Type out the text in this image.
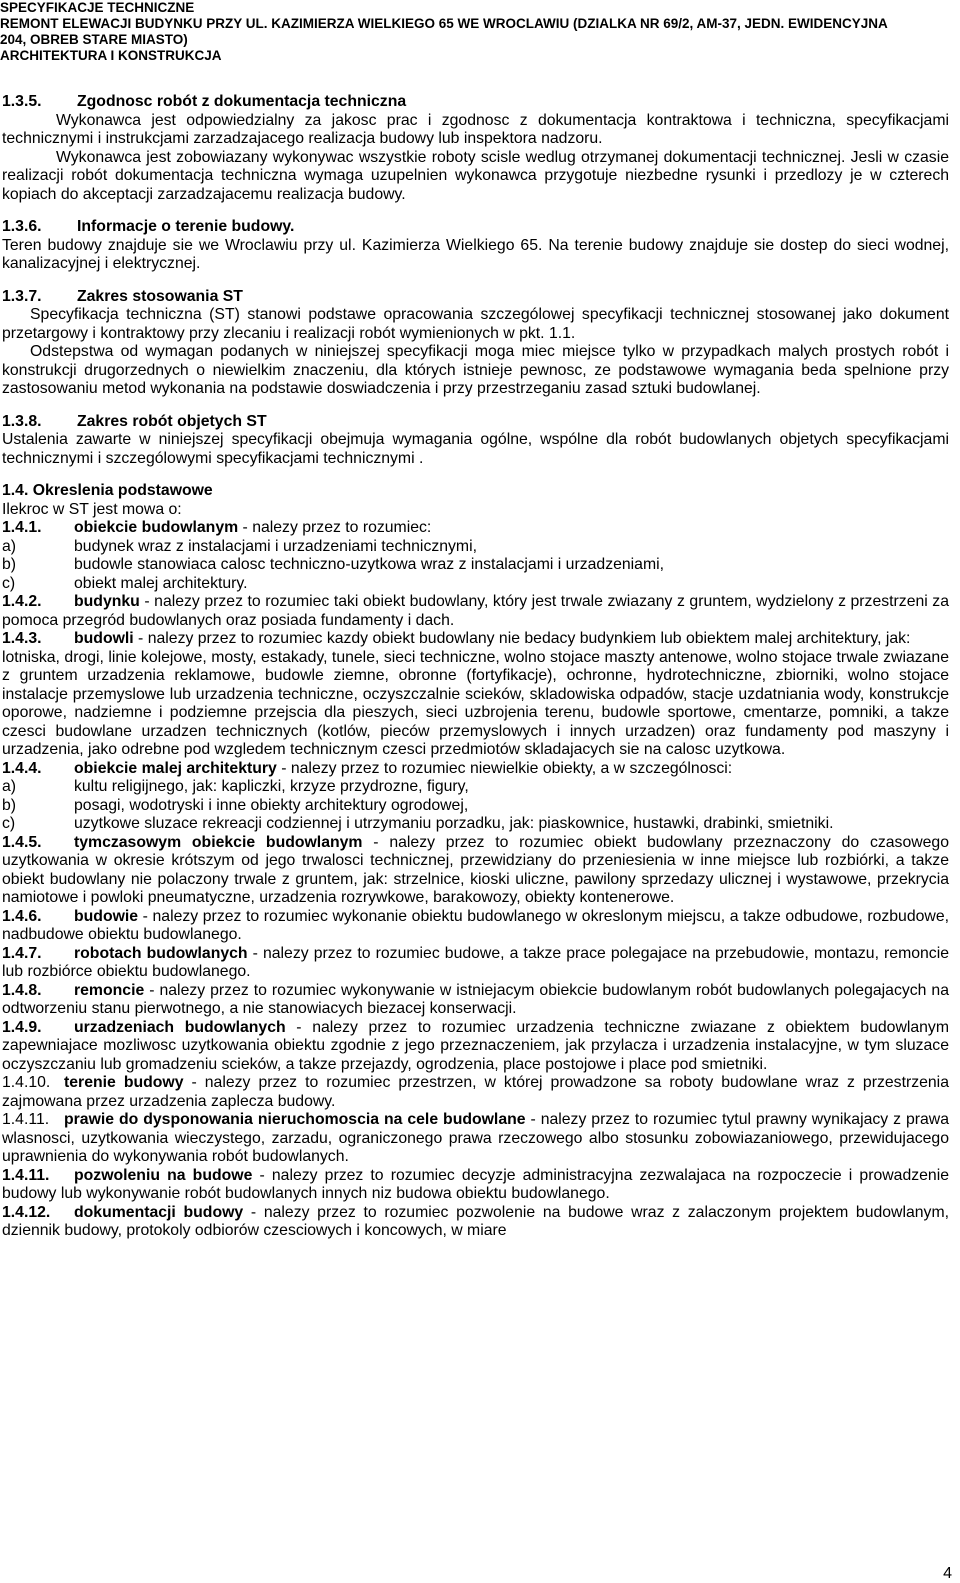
SPECYFIKACJE TECHNICZNE
REMONT ELEWACJI BUDYNKU PRZY UL. KAZIMIERZA WIELKIEGO 65 WE WROCLAWIU (DZIALKA NR 69/2, AM-37, JEDN. EWIDENCYJNA
204, OBREB STARE MIASTO)
ARCHITEKTURA I KONSTRUKCJA

1.3.5. Zgodnosc robót z dokumentacja techniczna

Wykonawca jest odpowiedzialny za jakosc prac i zgodnosc z dokumentacja kontraktowa i techniczna, specyfikacjami technicznymi i instrukcjami zarzadzajacego realizacja budowy lub inspektora nadzoru.

Wykonawca jest zobowiazany wykonywac wszystkie roboty scisle wedlug otrzymanej dokumentacji technicznej. Jesli w czasie realizacji robót dokumentacja techniczna wymaga uzupelnien wykonawca przygotuje niezbedne rysunki i przedlozy je w czterech kopiach do akceptacji zarzadzajacemu realizacja budowy.

1.3.6. Informacje o terenie budowy.

Teren budowy znajduje sie we Wroclawiu przy ul. Kazimierza Wielkiego 65. Na terenie budowy znajduje sie dostep do sieci wodnej, kanalizacyjnej i elektrycznej.

1.3.7. Zakres stosowania ST

Specyfikacja techniczna (ST) stanowi podstawe opracowania szczególowej specyfikacji technicznej stosowanej jako dokument przetargowy i kontraktowy przy zlecaniu i realizacji robót wymienionych w pkt. 1.1.

Odstepstwa od wymagan podanych w niniejszej specyfikacji moga miec miejsce tylko w przypadkach malych prostych robót i konstrukcji drugorzednych o niewielkim znaczeniu, dla których istnieje pewnosc, ze podstawowe wymagania beda spelnione przy zastosowaniu metod wykonania na podstawie doswiadczenia i przy przestrzeganiu zasad sztuki budowlanej.

1.3.8. Zakres robót objetych ST

Ustalenia zawarte w niniejszej specyfikacji obejmuja wymagania ogólne, wspólne dla robót budowlanych objetych specyfikacjami technicznymi i szczególowymi specyfikacjami technicznymi .

1.4. Okreslenia podstawowe

Ilekroc w ST jest mowa o:

1.4.1. obiekcie budowlanym - nalezy przez to rozumiec:

a)	budynek wraz z instalacjami i urzadzeniami technicznymi,
b)	budowle stanowiaca calosc techniczno-uzytkowa wraz z instalacjami i urzadzeniami,
c)	obiekt malej architektury.

1.4.2. budynku - nalezy przez to rozumiec taki obiekt budowlany, który jest trwale zwiazany z gruntem, wydzielony z przestrzeni za pomoca przegród budowlanych oraz posiada fundamenty i dach.

1.4.3. budowli - nalezy przez to rozumiec kazdy obiekt budowlany nie bedacy budynkiem lub obiektem malej architektury, jak:

lotniska, drogi, linie kolejowe, mosty, estakady, tunele, sieci techniczne, wolno stojace maszty antenowe, wolno stojace trwale zwiazane z gruntem urzadzenia reklamowe, budowle ziemne, obronne (fortyfikacje), ochronne, hydrotechniczne, zbiorniki, wolno stojace instalacje przemyslowe lub urzadzenia techniczne, oczyszczalnie scieków, skladowiska odpadów, stacje uzdatniania wody, konstrukcje oporowe, nadziemne i podziemne przejscia dla pieszych, sieci uzbrojenia terenu, budowle sportowe, cmentarze, pomniki, a takze czesci budowlane urzadzen technicznych (kotlów, pieców przemyslowych i innych urzadzen) oraz fundamenty pod maszyny i urzadzenia, jako odrebne pod wzgledem technicznym czesci przedmiotów skladajacych sie na calosc uzytkowa.

1.4.4. obiekcie malej architektury - nalezy przez to rozumiec niewielkie obiekty, a w szczególnosci:

a)	kultu religijnego, jak: kapliczki, krzyze przydrozne, figury,
b)	posagi, wodotryski i inne obiekty architektury ogrodowej,
c)	uzytkowe sluzace rekreacji codziennej i utrzymaniu porzadku, jak: piaskownice, hustawki, drabinki, smietniki.

1.4.5. tymczasowym obiekcie budowlanym - nalezy przez to rozumiec obiekt budowlany przeznaczony do czasowego uzytkowania w okresie krótszym od jego trwalosci technicznej, przewidziany do przeniesienia w inne miejsce lub rozbiórki, a takze obiekt budowlany nie polaczony trwale z gruntem, jak: strzelnice, kioski uliczne, pawilony sprzedazy ulicznej i wystawowe, przekrycia namiotowe i powloki pneumatyczne, urzadzenia rozrywkowe, barakowozy, obiekty kontenerowe.

1.4.6. budowie - nalezy przez to rozumiec wykonanie obiektu budowlanego w okreslonym miejscu, a takze odbudowe, rozbudowe, nadbudowe obiektu budowlanego.

1.4.7. robotach budowlanych - nalezy przez to rozumiec budowe, a takze prace polegajace na przebudowie, montazu, remoncie lub rozbiórce obiektu budowlanego.

1.4.8. remoncie - nalezy przez to rozumiec wykonywanie w istniejacym obiekcie budowlanym robót budowlanych polegajacych na odtworzeniu stanu pierwotnego, a nie stanowiacych biezacej konserwacji.

1.4.9. urzadzeniach budowlanych - nalezy przez to rozumiec urzadzenia techniczne zwiazane z obiektem budowlanym zapewniajace mozliwosc uzytkowania obiektu zgodnie z jego przeznaczeniem, jak przylacza i urzadzenia instalacyjne, w tym sluzace oczyszczaniu lub gromadzeniu scieków, a takze przejazdy, ogrodzenia, place postojowe i place pod smietniki.

1.4.10. terenie budowy - nalezy przez to rozumiec przestrzen, w której prowadzone sa roboty budowlane wraz z przestrzenia zajmowana przez urzadzenia zaplecza budowy.

1.4.11. prawie do dysponowania nieruchomoscia na cele budowlane - nalezy przez to rozumiec tytul prawny wynikajacy z prawa wlasnosci, uzytkowania wieczystego, zarzadu, ograniczonego prawa rzeczowego albo stosunku zobowiazaniowego, przewidujacego uprawnienia do wykonywania robót budowlanych.

1.4.11. pozwoleniu na budowe - nalezy przez to rozumiec decyzje administracyjna zezwalajaca na rozpoczecie i prowadzenie budowy lub wykonywanie robót budowlanych innych niz budowa obiektu budowlanego.

1.4.12. dokumentacji budowy - nalezy przez to rozumiec pozwolenie na budowe wraz z zalaczonym projektem budowlanym, dziennik budowy, protokoly odbiorów czesciowych i koncowych, w miare

4
